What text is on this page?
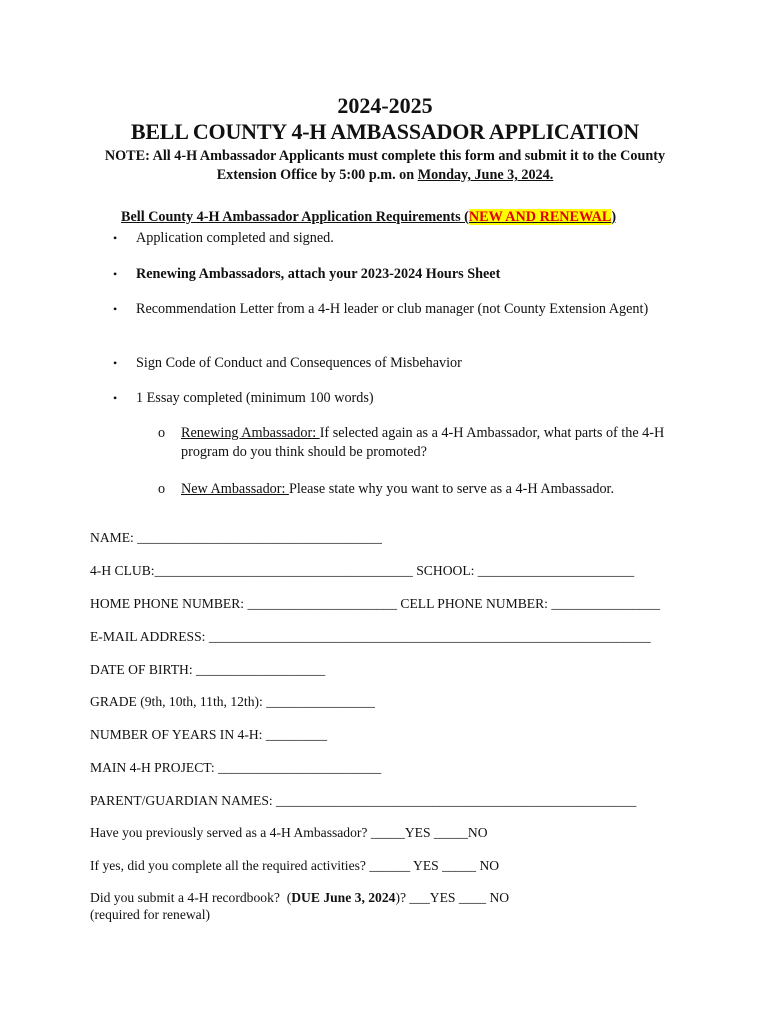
2024-2025
BELL COUNTY 4-H AMBASSADOR APPLICATION
NOTE: All 4-H Ambassador Applicants must complete this form and submit it to the County Extension Office by 5:00 p.m. on Monday, June 3, 2024.
Bell County 4-H Ambassador Application Requirements (NEW AND RENEWAL)
• Application completed and signed.
• Renewing Ambassadors, attach your 2023-2024 Hours Sheet
• Recommendation Letter from a 4-H leader or club manager (not County Extension Agent)
• Sign Code of Conduct and Consequences of Misbehavior
• 1 Essay completed (minimum 100 words)
o Renewing Ambassador: If selected again as a 4-H Ambassador, what parts of the 4-H program do you think should be promoted?
o New Ambassador: Please state why you want to serve as a 4-H Ambassador.
NAME: ____________________________________
4-H CLUB:______________________________________ SCHOOL: _______________________
HOME PHONE NUMBER: ______________________ CELL PHONE NUMBER: ________________
E-MAIL ADDRESS: _________________________________________________________________
DATE OF BIRTH: ___________________
GRADE (9th, 10th, 11th, 12th): ________________
NUMBER OF YEARS IN 4-H: _________
MAIN 4-H PROJECT: ________________________
PARENT/GUARDIAN NAMES: _____________________________________________________
Have you previously served as a 4-H Ambassador? _____YES _____NO
If yes, did you complete all the required activities? ______ YES _____ NO
Did you submit a 4-H recordbook?  (DUE June 3, 2024)? ___YES ____ NO
(required for renewal)
